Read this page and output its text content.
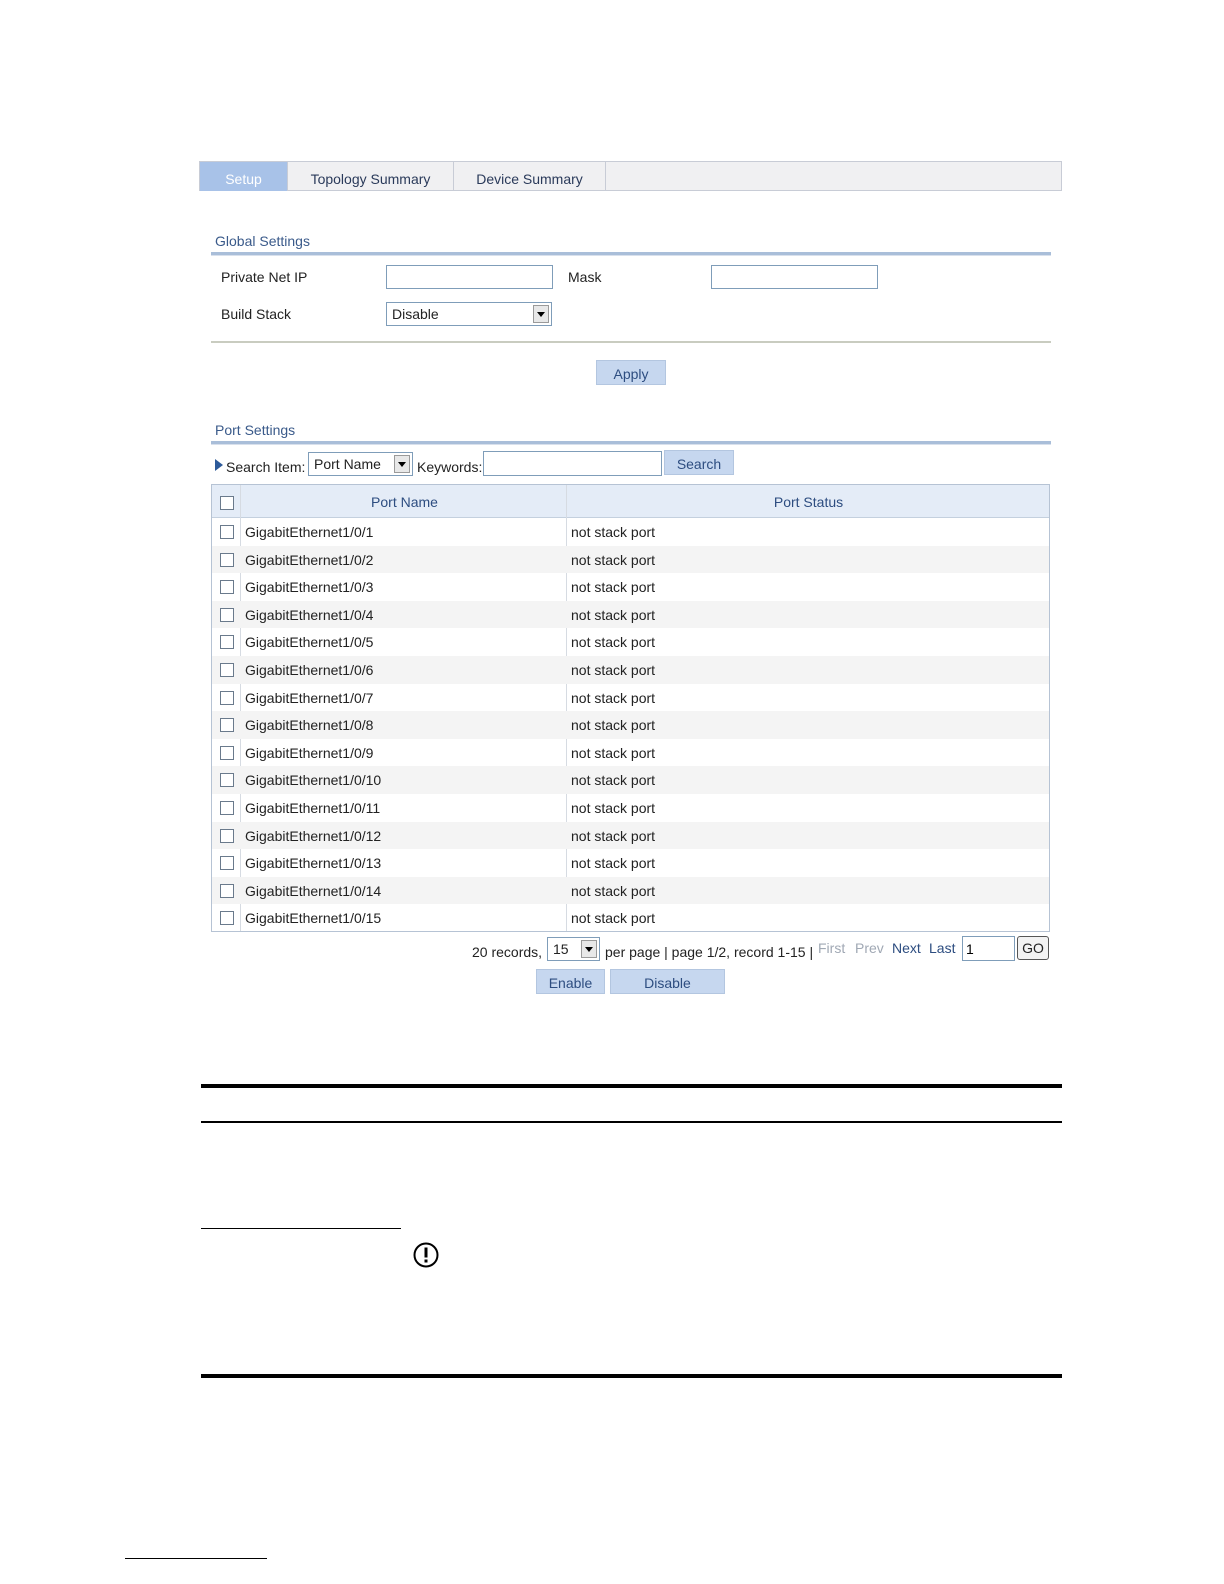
Setup	Topology Summary	Device Summary
Global Settings
Private Net IP	Mask
Build Stack	Disable
Apply
Port Settings
Search Item: Port Name	Keywords:	Search
Port Name	Port Status
GigabitEthernet1/0/1	not stack port
GigabitEthernet1/0/2	not stack port
GigabitEthernet1/0/3	not stack port
GigabitEthernet1/0/4	not stack port
GigabitEthernet1/0/5	not stack port
GigabitEthernet1/0/6	not stack port
GigabitEthernet1/0/7	not stack port
GigabitEthernet1/0/8	not stack port
GigabitEthernet1/0/9	not stack port
GigabitEthernet1/0/10	not stack port
GigabitEthernet1/0/11	not stack port
GigabitEthernet1/0/12	not stack port
GigabitEthernet1/0/13	not stack port
GigabitEthernet1/0/14	not stack port
GigabitEthernet1/0/15	not stack port
20 records, 15	per page | page 1/2, record 1-15 | First Prev Next Last
1	GO
Enable	Disable
